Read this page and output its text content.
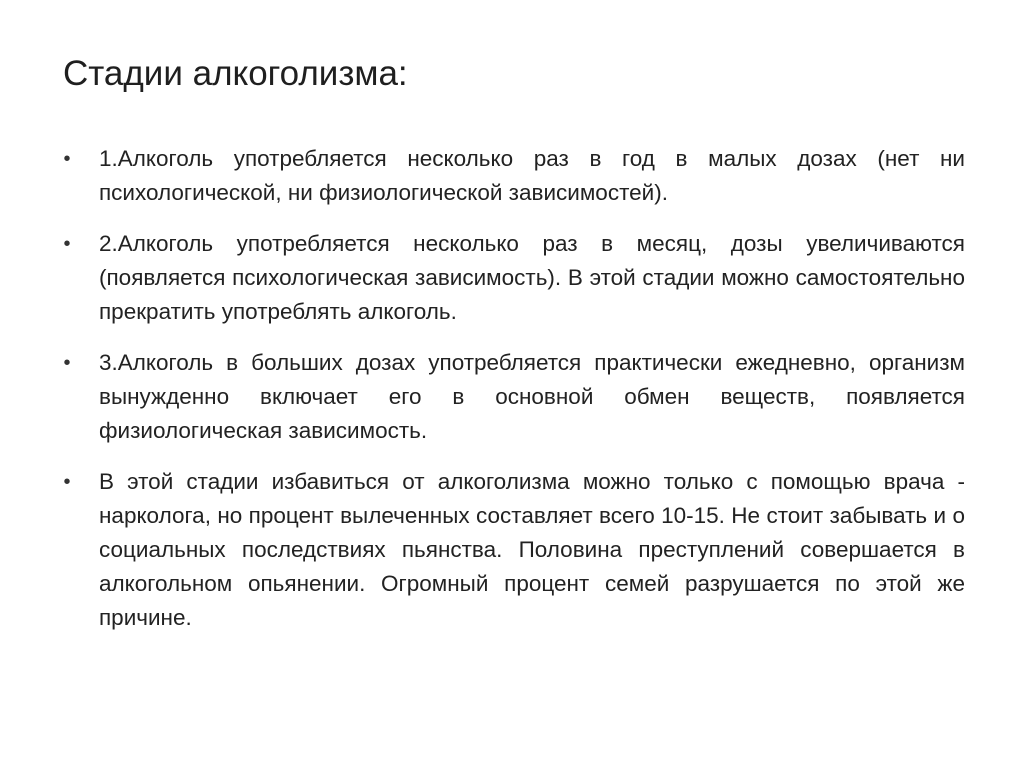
Стадии алкоголизма:
• 1.Алкоголь употребляется несколько раз в год в малых дозах (нет ни психологической, ни физиологической зависимостей).
• 2.Алкоголь употребляется несколько раз в месяц, дозы увеличиваются (появляется психологическая зависимость). В этой стадии можно самостоятельно прекратить употреблять алкоголь.
• 3.Алкоголь в больших дозах употребляется практически ежедневно, организм вынужденно включает его в основной обмен веществ, появляется физиологическая зависимость.
• В этой стадии избавиться от алкоголизма можно только с помощью врача - нарколога, но процент вылеченных составляет всего 10-15. Не стоит забывать и о социальных последствиях пьянства. Половина преступлений совершается в алкогольном опьянении. Огромный процент семей разрушается по этой же причине.
